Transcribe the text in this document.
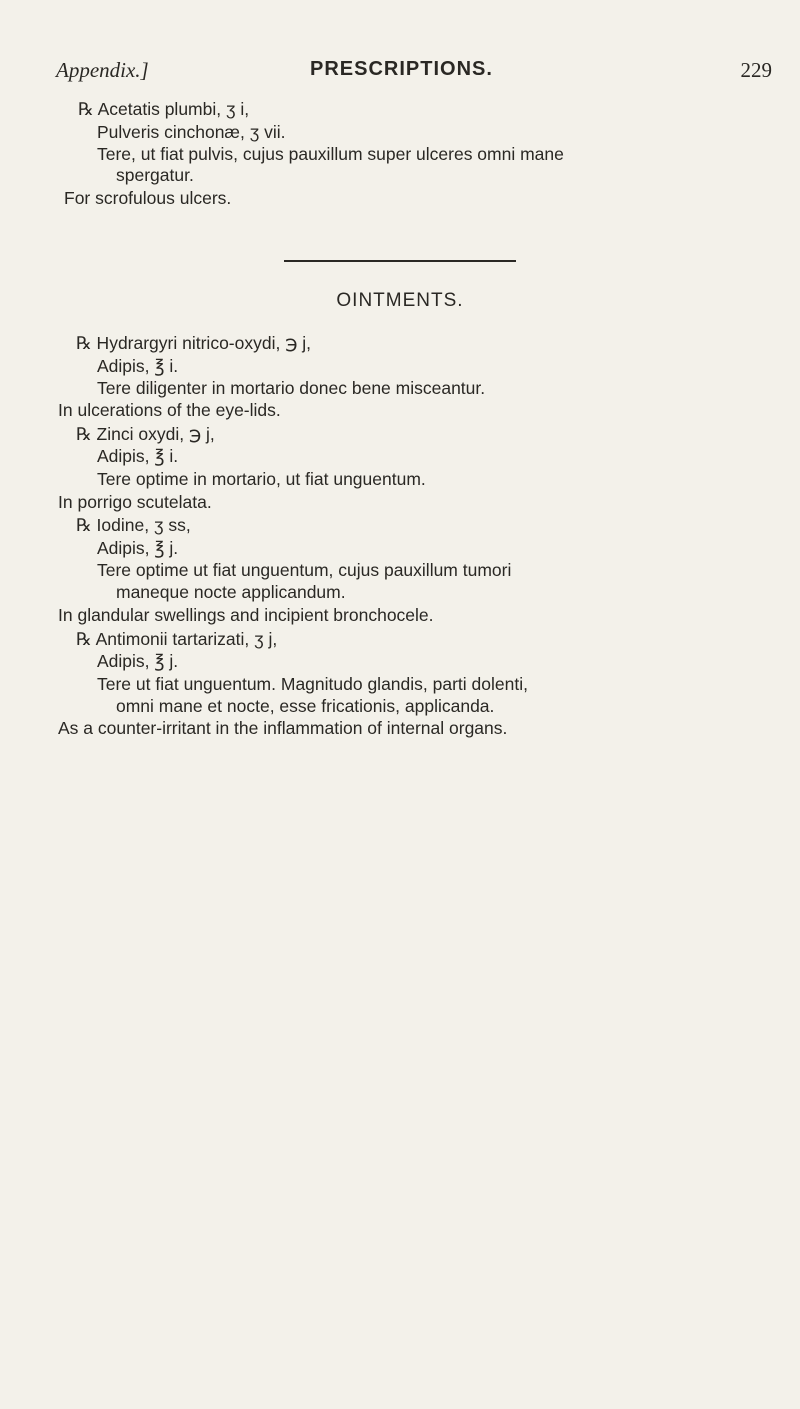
Appendix.]	PRESCRIPTIONS.	229
℞ Acetatis plumbi, ʒ i,
Pulveris cinchonæ, ʒ vii.
Tere, ut fiat pulvis, cujus pauxillum super ulceres omni mane
spergatur.
For scrofulous ulcers.
OINTMENTS.
℞ Hydrargyri nitrico-oxydi, ℈ j,
Adipis, ℥ i.
Tere diligenter in mortario donec bene misceantur.
In ulcerations of the eye-lids.
℞ Zinci oxydi, ℈ j,
Adipis, ℥ i.
Tere optime in mortario, ut fiat unguentum.
In porrigo scutelata.
℞ Iodine, ʒ ss,
Adipis, ℥ j.
Tere optime ut fiat unguentum, cujus pauxillum tumori
maneque nocte applicandum.
In glandular swellings and incipient bronchocele.
℞ Antimonii tartarizati, ʒ j,
Adipis, ℥ j.
Tere ut fiat unguentum. Magnitudo glandis, parti dolenti,
omni mane et nocte, esse fricationis, applicanda.
As a counter-irritant in the inflammation of internal organs.
